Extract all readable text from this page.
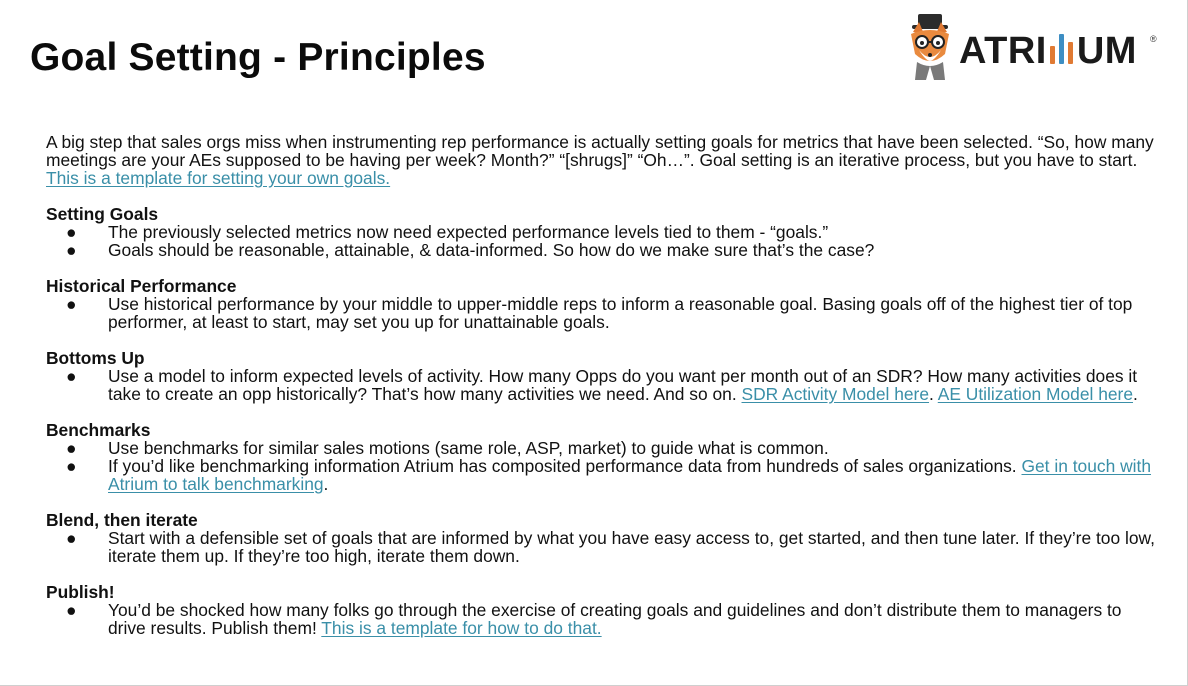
Goal Setting - Principles	ATRI UM ®

A big step that sales orgs miss when instrumenting rep performance is actually setting goals for metrics that have been selected. “So, how many meetings are your AEs supposed to be having per week? Month?” “[shrugs]” “Oh…”. Goal setting is an iterative process, but you have to start. This is a template for setting your own goals.

Setting Goals

● The previously selected metrics now need expected performance levels tied to them - “goals.”
● Goals should be reasonable, attainable, & data-informed. So how do we make sure that’s the case?

Historical Performance

● Use historical performance by your middle to upper-middle reps to inform a reasonable goal. Basing goals off of the highest tier of top performer, at least to start, may set you up for unattainable goals.

Bottoms Up

● Use a model to inform expected levels of activity. How many Opps do you want per month out of an SDR? How many activities does it take to create an opp historically? That’s how many activities we need. And so on. SDR Activity Model here. AE Utilization Model here.

Benchmarks

● Use benchmarks for similar sales motions (same role, ASP, market) to guide what is common.
● If you’d like benchmarking information Atrium has composited performance data from hundreds of sales organizations. Get in touch with Atrium to talk benchmarking.

Blend, then iterate

● Start with a defensible set of goals that are informed by what you have easy access to, get started, and then tune later. If they’re too low, iterate them up. If they’re too high, iterate them down.

Publish!

● You’d be shocked how many folks go through the exercise of creating goals and guidelines and don’t distribute them to managers to drive results. Publish them! This is a template for how to do that.
